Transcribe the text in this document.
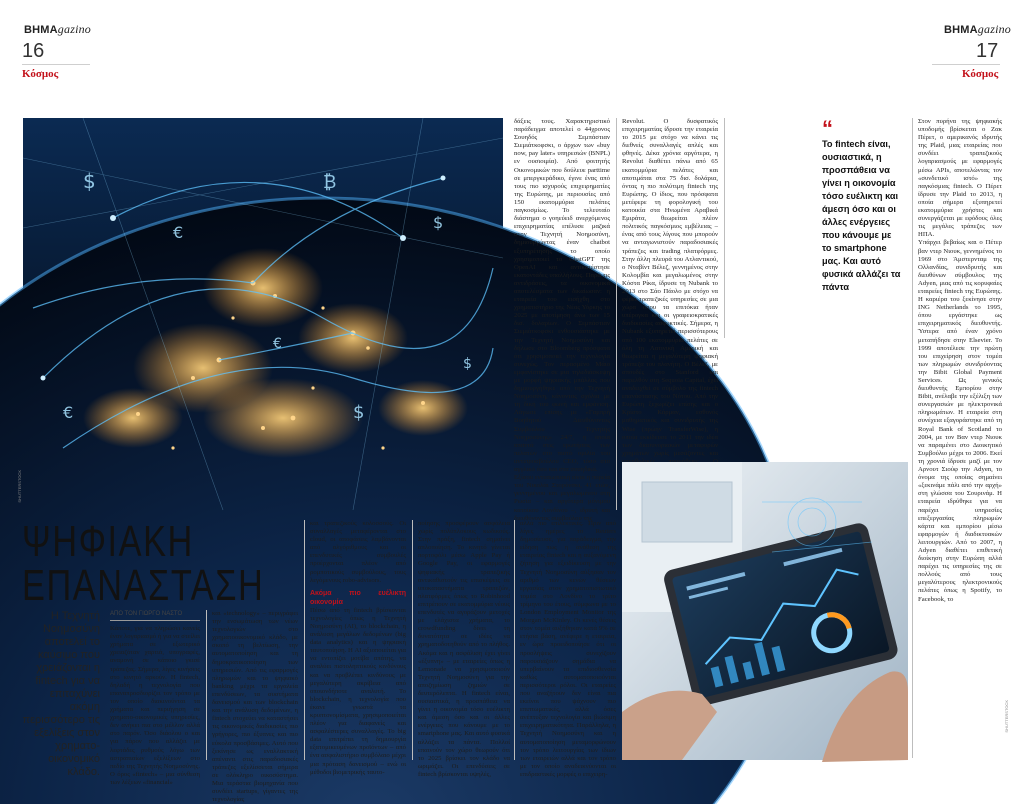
BHMAgazino
16
Κόσμος
BHMAgazino
17
Κόσμος
$
€
₿
$
$
€
$
€
SHUTTERSTOCK

δάξεις τους. Χαρακτηριστικό παράδειγμα αποτελεί ο 44χρονος Σουηδός Σεμπάστιαν Σιεμιάτκοφσκι, ο άρχων των «buy now, pay later» υπηρεσιών (BNPL) εν ουσιοιμία). Από φοιτητής Οικονομικών που δούλευε parttime σε μπεργκεράδικο, έγινε ένας από τους πιο ισχυρούς επιχειρηματίες της Ευρώπης, με περιουσίες από 150 εκατομμύρια πελάτες παγκοσμίως. Το τελευταίο διάστημα ο γοηεύειδ ανερχόμενος επιχειρηματίας επέλυσε μαζικά στην Τεχνητή Νοημοσύνη, δημιουργώντας έναν chatbot εξυπηρέτησης το οποίο χρησιμοποιεί το ChatGPT της OpenAI και αντικατέστησε εκατοντάδες υπαλλήλους. Παρά τις αντιδράσεις, τα οικονομικά αποτελέσματα των δικαίωσαν: η εταιρεία του εισήχθη στο χρηματιστήριο της Νέας Υόρκης το 2025 με αποτίμηση άνω των 15 δισ. δολαρίων. Ο Σεμπάστιαν Σιεμιάτκοφσκι ενθουσιάστηκε με την Τεχνητή Νοημοσύνη και δήλωσε στο Bloomberg πρόσφατα ότι χρησιμοποιεί την τεχνολογία συνεχώς. Τον περασμένο Μάιο εμφανίστηκε σε μια τηλεδιάσκεψη με μορφή ψηφιακής μπάλλας που δημιουργήθηκε από την Τεχνητή Νοημοσύνη, κάνοντας σχόλια με τη δική του φωνή και εμφάνιση. Λάγωσε επίσης με «Γαμπρή Βοηθητού Διευθύνοντος Συμβούλου Τεχνητής Νοημοσύνης» 24/7, η οποία απαντά στις ερωτήσεις των πελατών στο πιστό ομιλία του αντιπροσβούλου CEO, τόσο στο αγγλικό όσο και στα σουηδικά.

Εξίσου εντυπωσιακή είναι η πορεία του Νικολάι Στορόνσκι, 41 ετών, γεννημένου και μεγαλωμένου στη Ρωσία – και αργότερα μόνιμου κατοίκου Λονδίνου –, ιδρυτή και διευθύνοντος συμβούλου της

Revolut. Ο δυσφατικός επιχειρηματίας ίδρυσε την εταιρεία το 2015 με στόχο να κάνει τις διεθνείς συναλλαγές απλές και φθηνές. Δέκα χρόνια αργότερα, η Revolut διαθέτει πάνω από 65 εκατομμύρια πελάτες και αποτιμάται στα 75 δισ. δολάρια, όντας η πιο πολύτιμη fintech της Ευρώπης. Ο ίδιος, που πρόσφατα μετέφερε τη φορολογική του κατοικία στα Ηνωμένα Αραβικά Εμιράτα, θεωρείται πλέον πολιτικός παγκόσμιος εμβέλειας – ένας από τους λίγους που μπορούν να ανταγωνιστούν παραδοσιακές τράπεζες και trading πλατφόρμες. Στην άλλη πλευρά του Ατλαντικού, ο Νταβίντ Βέλεζ, γεννημένος στην Κολομβία και μεγαλωμένος στην Κόστα Ρίκα, ίδρυσε τη Nubank το 2013 στο Σάο Πάολο με στόχο να φέρει τραπεζικές υπηρεσίες σε μια χώρα όπου τα επιτόκια ήταν υπέρογκα και οι γραφειοκρατικές διαδικασίες ασφυκτικές. Σήμερα, η Nubank εξυπηρετεί περισσότερους από 100 εκατομμύρια πελάτες σε όλη τη Λατινική Αμερική και θεωρείται η μεγαλύτερη ψηφιακή τράπεζα του πλανήτη. Ο Βέλεζ, με σπουδές στο Stanford και παρελθόν στη Sequoia Capital, έχει αναδειχθεί σε σύμβολο της fintech επανάστασης του Νότου. Από την Ευρώπη ξεχωρίζει επίσης και ο Κρίστο Κάρμαν, εσθονός μαθηματικός και συνιδρυτής της Wise (πρώην TransferWise), η οποία εκκίδευσε το 2011 την ιδέα των διασυνοριακών μεταφορών χρημάτων χωρίς μεσάζοντες και

“
Το fintech είναι, ουσιαστικά, η προσπάθεια να γίνει η οικονομία τόσο ευέλικτη και άμεση όσο και οι άλλες ενέργειες που κάνουμε με το smartphone μας. Και αυτό φυσικά αλλάζει τα πάντα

Στον πυρήνα της ψηφιακής υποδομής βρίσκεται ο Ζακ Πέρετ, ο αμερικανός ιδρυτής της Plaid, μιας εταιρείας που συνδέει τραπεζικούς λογαριασμούς με εφαρμογές μέσω APIs, αποτελώντας τον «συνδετικό ιστό» της παγκόσμιας fintech. Ο Πέρετ ίδρυσε την Plaid το 2013, η οποία σήμερα εξυπηρετεί εκατομμύρια χρήστες και συνεργάζεται με εφόδους όλες τις μεγάλες τράπεζες των ΗΠΑ.

Υπάρχει βεβαίως και ο Πέτερ βαν ντερ Νιουκ, γεννημένος το 1969 στο Άμστερνταμ της Ολλανδίας, συνιδρυτής και διευθύνων σύμβουλος της Adyen, μιας από τις κορυφαίες εταιρείες fintech της Ευρώπης. Η καριέρα του ξεκίνησε στην ING Netherlands το 1995, όπου εργάστηκε ως επιχειρηματικός διευθυντής. Ύστερα από έναν χρόνο μεταπήδησε στην Elsevier. Το 1999 αποτέλεσε την πρώτη του επιχείρηση στον τομέα των πληρωμών συνιδρύοντας την Bibit Global Payment Services. Ως γενικός διευθυντής Εμπορίου στην Bibit, ανέλαβε την εξέλιξη των συνεργασιών με ηλεκτρονικά πληρωμάτων. Η εταιρεία στη συνέχεια εξαγοράστηκε από τη Royal Bank of Scotland το 2004, με τον Βαν ντερ Νιουκ να παραμένει στο Διοικητικό Συμβούλιο μέχρι το 2006. Εκεί τη χρονιά ίδρυσε μαζί με τον Αρνουτ Σιούφ την Adyen, το όνομα της οποίας σημαίνει «ξεκινάμε πάλι από την αρχή» στη γλώσσα του Σουρινάμ. Η εταιρεία ιδρύθηκε για να παρέχει υπηρεσίες επεξεργασίας πληρωμών κάρτα και εμπορίου μέσω εφαρμογών ή διαδικτυακών λειτουργιών. Από το 2007, η Adyen διαθέτει επιθετική διοίκηση στην Ευρώπη αλλά παρέχει τις υπηρεσίες της σε πολλούς από τους μεγαλύτερους ηλεκτρονικούς πελάτες όπως η Spotify, το Facebook, το

ΨΗΦΙΑΚΗ
ΕΠΑΝΑΣΤΑΣΗ
Η Τεχνητή Νοημοσύνη αποτελεί το καύσιμο που χρειάζονται η fintech για να επιταχύνει ακόμη περισσότερο τις εξελίξεις στον χρηματο-οικονομικό κλάδο.
ΑΠΟ ΤΟΝ ΓΙΩΡΓΟ ΝΑΣΤΟ

Κάποτε, για να πληρώσει κανείς έναν λογαριασμό ή για να στείλει χρήματα σε εξωτερικό χρειαζόταν χαρτιά, υπογραφές, αναμονή σε κάποιο γκισέ τράπεζας. Σήμερα, λίγες κινήσεις στο κινητό αρκούν. Η fintech, δηλαδή η τεχνολογία που επαναπροσδιορίζει τον τρόπο με τον οποίο διακινούνται τα χρήματα και περιήγηση σε χρηματο-οικονομικές υπηρεσίες, δεν ανήκει πια στο μέλλον αλλά στο παρόν. Όσο διάολου ο και για πάρον που αλλάζει με λεφτάδες ρυθμούς λόγω των αστραπιαίων εξελίξεων στο πεδίο της Τεχνητής Νοημοσύνης. Ο όρος «fintech» – μια σύνθεση των λέξεων «financial»

και «technology» – περιγράφει την ενσωμάτωση των νέων τεχνολογιών στο χρηματοοικονομικό κλάδο, με σκοπό τη βελτίωση, την αυτοματοποίηση και τη δημοκρατικοποίηση των υπηρεσιών. Από τις εφαρμογές πληρωμών και το ψηφιακό banking μέχρι τα εργαλεία επενδύσεων, τα συστήματα δανεισμού και των blockchain και την ανάλυση δεδομένων, η fintech στοχεύει να καταστήσει τις οικονομικές διαδικασίες πιο γρήγορες, πιο έξυπνες και πιο εύκολα προσβάσιμες. Αυτό που ξεκίνησε ως εναλλακτική απέναντι στις παραδοσιακές τράπεζες εξελίσσεται σήμερα σε ολόκληρο οικοσύστημα. Μια τεράστια βιομηχανία που συνδέει startups, γίγαντες της τεχνολογίας

και τραπεζικούς κολοσσούς. Οι συναλλαγές μεταφέρονται στο cloud, οι αποφάσεις λαμβάνονται από αλγόριθμους και οι επενδυτικές συμβουλές προέρχονται πλέον από ρομποτικούς συμβούλους, τους λεγόμενους robo-advisors.

Ακόμα πιο ευέλικτη οικονομία

Πέσω από τη fintech βρίσκονται τεχνολογίες όπως η Τεχνητή Νοημοσύνη (AI), το blockchain, η ανάλυση μεγάλων δεδομένων (big data analytics) και η ψηφιακή ταυτοποίηση. Η AI αξιοποιείται για να εντοπίζει μοτίβα απάτης, να αναλύει πιστοληπτικούς κινδύνους και να προβλέπει κινδύνους με μεγαλύτερη ακρίβεια από οποιονδήποτε αναλυτή. Το blockchain, η τεχνολογία που έκανε γνωστά τα κρυπτονομίσματα, χρησιμοποιείται πλέον για διαφανείς και ασφαλέστερες συναλλαγές. Το big data επιτρέπει τη δημιουργία εξατομικευμένων προϊόντων – από ένα ασφαλιστήριο συμβόλαιο μέχρι μια πρόταση δανεισμού – ενώ οι μέθοδοι βιομετρικής ταυτο-

ποίησης προσφέρουν ασφάλεια χωρίς πολύπλοκους κωδικούς. Στην πράξη, fintech σημαίνει απλοποίηση. Το κινητό γίνεται πορτοφόλι μέσω Apple Pay ή Google Pay, οι εφαρμογές ψηφιακής τραπεζικής αντικαθιστούν τις επισκέψεις σε υποκαταστήματα τραπεζών, πλατφόρμες όπως το Robinhood επιτρέπουν σε εκατομμύρια νέους επενδυτές να αγοράζουν μετοχές με ελάχιστα χρήματα, το crowdfunding δίνει τη δυνατότητα σε ιδέες να χρηματοδοτηθούν από το πλήθος. Ακόμα και η ασφάλιση έχει γίνει «έξυπνη» – με εταιρείες όπως η Lemonade να χρησιμοποιούν Τεχνητή Νοημοσύνη για την αποζημίωση ζημιών σε δευτερόλεπτα. Η fintech είναι, ουσιαστικά, η προσπάθεια να γίνει η οικονομία τόσο ευέλικτη και άμεση όσο και οι άλλες ενέργειες που κάνουμε με το smartphone μας. Και αυτό φυσικά αλλάζει τα πάντα. Πολλοί επαινούν τον χώρο θεωρούν ότι το 2025 βρίσκει τον κλάδο να ωριμάζει. Οι επενδύσεις σε fintech βρίσκονται υψηλές,

αλλά πιο επιλεκτικές. Πριν από λίγες ημέρες το Reuters δημοσίευσε, για παράδειγμα, την είδηση πως η ανάθεση της εταιρείας fintech και η αυξανόμενη ζήτηση για εξειδίκευση με την Τεχνητή Νοημοσύνη αύξησαν τον αριθμό των κενών θέσεων εργασίας στον χρηματοπιστωτικό τομέα στο Λονδίνο το τρίτο τρίμηνο του έτους, σύμφωνα με το London Employment Monitor της Morgan McKinley. Οι κενές θέσεις στον τομέα αυξήθηκαν κατά 9% σε ετήσια βάση, ανέφερε η εταιρεία, εν ώρα προειδοποίησε ότι οι προσλήψεις συνεχίζουν παρουσιάζουν σημάδια να υπερβαίνουν τα επιδιοσθενσία καθώς αυτοματοποιούνται περισσότεροι ρόλοι. Οι εταιρείες που αναζήτουν δεν είναι πια εκείνοι που ψάχνουν πιο επιπτωματικές, αλλά όσες ανέπτυξαν τεχνολογία και βιώσιμη επιχειρηματικότητα. Παράλληλα, η Τεχνητή Νοημοσύνη και η αυτοματοποίηση μεταμορφώνουν τον τρόπο λειτουργίας των ίδιων των εταιρειών αλλά και τον τρόπο με τον οποίο αναδεικνύονται οι επιδραστικές μορφές ο επιχειρη-

SHUTTERSTOCK
